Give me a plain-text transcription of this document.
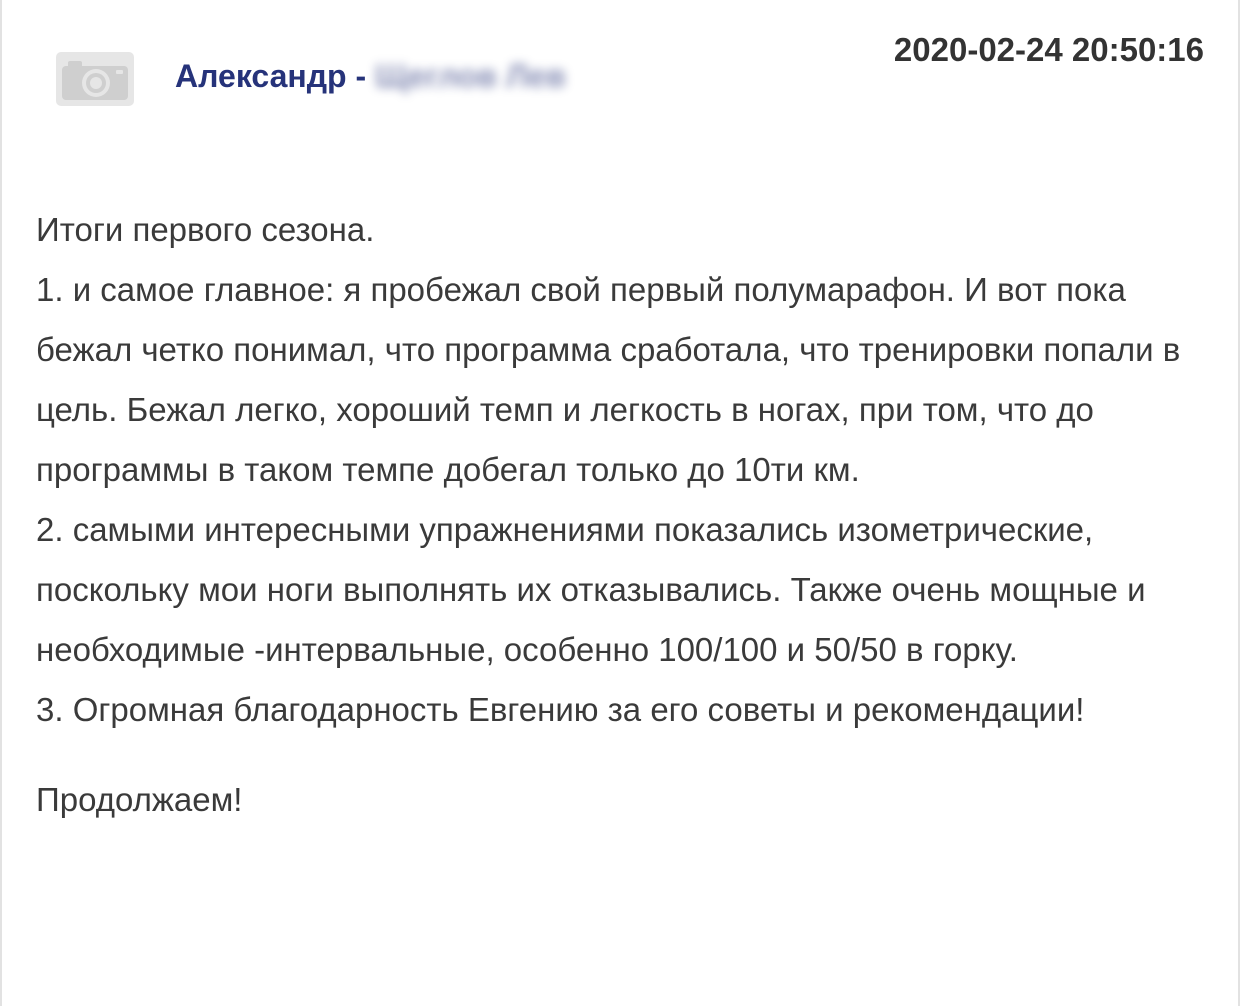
Александр - Щеглов Лев
2020-02-24 20:50:16

Итоги первого сезона.

1. и самое главное: я пробежал свой первый полумарафон. И вот пока бежал четко понимал, что программа сработала, что тренировки попали в цель. Бежал легко, хороший темп и легкость в ногах, при том, что до программы в таком темпе добегал только до 10ти км.

2. самыми интересными упражнениями показались изометрические, поскольку мои ноги выполнять их отказывались. Также очень мощные и необходимые -интервальные, особенно 100/100 и 50/50 в горку.

3. Огромная благодарность Евгению за его советы и рекомендации!

Продолжаем!
